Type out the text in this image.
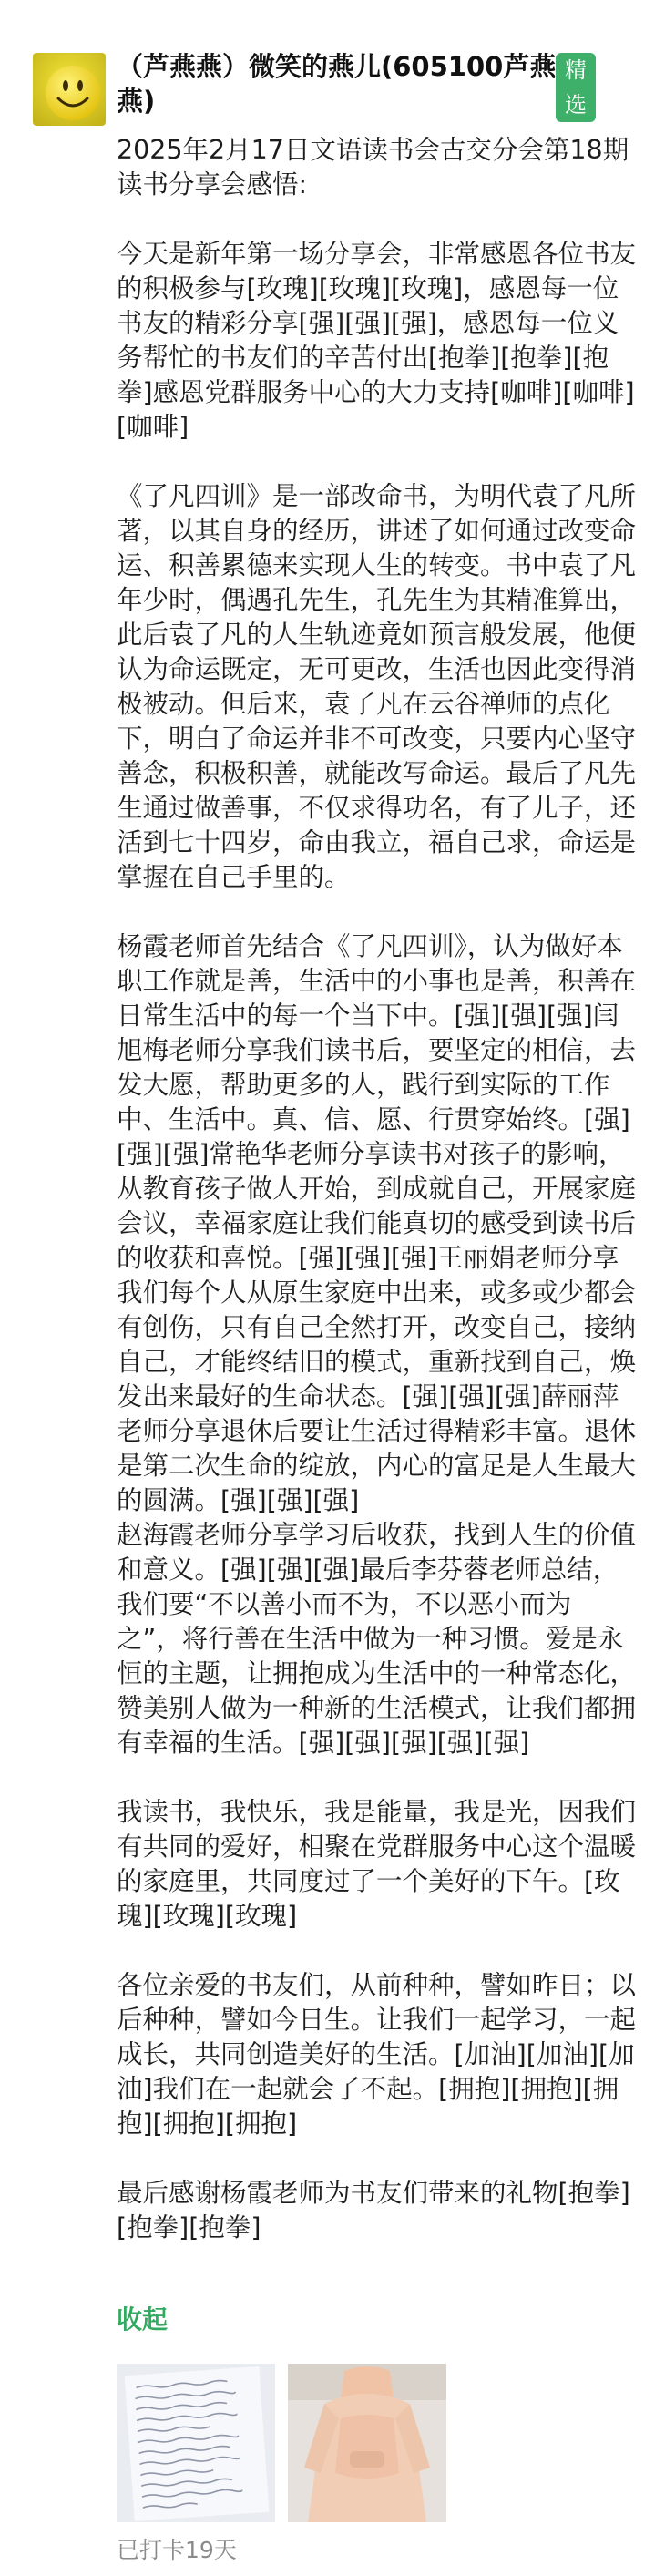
（芦燕燕）微笑的燕儿(605100芦燕燕)
精选

2025年2月17日文语读书会古交分会第18期读书分享会感悟:

今天是新年第一场分享会，非常感恩各位书友的积极参与[玫瑰][玫瑰][玫瑰]，感恩每一位书友的精彩分享[强][强][强]，感恩每一位义务帮忙的书友们的辛苦付出[抱拳][抱拳][抱拳]感恩党群服务中心的大力支持[咖啡][咖啡][咖啡]

《了凡四训》是一部改命书，为明代袁了凡所著，以其自身的经历，讲述了如何通过改变命运、积善累德来实现人生的转变。书中袁了凡年少时，偶遇孔先生，孔先生为其精准算出，此后袁了凡的人生轨迹竟如预言般发展，他便认为命运既定，无可更改，生活也因此变得消极被动。但后来，袁了凡在云谷禅师的点化下，明白了命运并非不可改变，只要内心坚守善念，积极积善，就能改写命运。最后了凡先生通过做善事，不仅求得功名，有了儿子，还活到七十四岁，命由我立，福自己求，命运是掌握在自己手里的。

杨霞老师首先结合《了凡四训》，认为做好本职工作就是善，生活中的小事也是善，积善在日常生活中的每一个当下中。[强][强][强]闫旭梅老师分享我们读书后，要坚定的相信，去发大愿，帮助更多的人，践行到实际的工作中、生活中。真、信、愿、行贯穿始终。[强][强][强]常艳华老师分享读书对孩子的影响，从教育孩子做人开始，到成就自己，开展家庭会议，幸福家庭让我们能真切的感受到读书后的收获和喜悦。[强][强][强]王丽娟老师分享我们每个人从原生家庭中出来，或多或少都会有创伤，只有自己全然打开，改变自己，接纳自己，才能终结旧的模式，重新找到自己，焕发出来最好的生命状态。[强][强][强]薛丽萍老师分享退休后要让生活过得精彩丰富。退休是第二次生命的绽放，内心的富足是人生最大的圆满。[强][强][强]
赵海霞老师分享学习后收获，找到人生的价值和意义。[强][强][强]最后李芬蓉老师总结，我们要“不以善小而不为，不以恶小而为之”，将行善在生活中做为一种习惯。爱是永恒的主题，让拥抱成为生活中的一种常态化，赞美别人做为一种新的生活模式，让我们都拥有幸福的生活。[强][强][强][强][强]

我读书，我快乐，我是能量，我是光，因我们有共同的爱好，相聚在党群服务中心这个温暖的家庭里，共同度过了一个美好的下午。[玫瑰][玫瑰][玫瑰]

各位亲爱的书友们，从前种种，譬如昨日；以后种种，譬如今日生。让我们一起学习，一起成长，共同创造美好的生活。[加油][加油][加油]我们在一起就会了不起。[拥抱][拥抱][拥抱][拥抱][拥抱]

最后感谢杨霞老师为书友们带来的礼物[抱拳][抱拳][抱拳]

收起
已打卡19天
